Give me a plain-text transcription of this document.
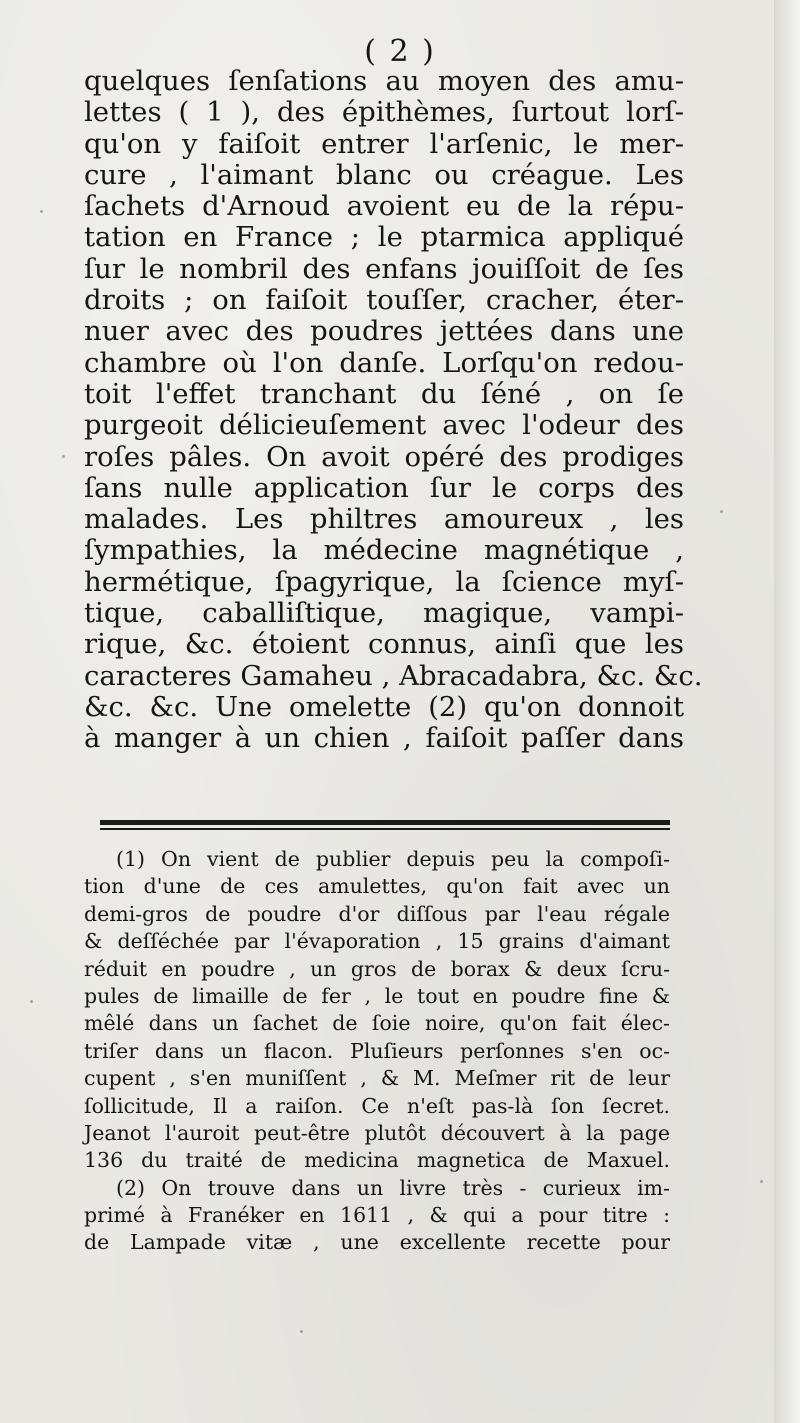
( 2 )
quelques ſenſations au moyen des amu-
lettes ( 1 ), des épithèmes, ſurtout lorſ-
qu'on y faiſoit entrer l'arſenic, le mer-
cure , l'aimant blanc ou créague. Les
ſachets d'Arnoud avoient eu de la répu-
tation en France ; le ptarmica appliqué
ſur le nombril des enfans jouiſſoit de ſes
droits ; on faiſoit touſſer, cracher, éter-
nuer avec des poudres jettées dans une
chambre où l'on danſe. Lorſqu'on redou-
toit l'effet tranchant du ſéné , on ſe
purgeoit délicieuſement avec l'odeur des
roſes pâles. On avoit opéré des prodiges
ſans nulle application ſur le corps des
malades. Les philtres amoureux , les
ſympathies, la médecine magnétique ,
hermétique, ſpagyrique, la ſcience myſ-
tique, caballiſtique, magique, vampi-
rique, &c. étoient connus, ainſi que les
caracteres Gamaheu , Abracadabra, &c. &c.
&c. &c. Une omelette (2) qu'on donnoit
à manger à un chien , faiſoit paſſer dans
(1) On vient de publier depuis peu la compoſi-
tion d'une de ces amulettes, qu'on fait avec un
demi-gros de poudre d'or diſſous par l'eau régale
& deſſéchée par l'évaporation , 15 grains d'aimant
réduit en poudre , un gros de borax & deux ſcru-
pules de limaille de fer , le tout en poudre fine &
mêlé dans un ſachet de ſoie noire, qu'on fait élec-
triſer dans un flacon. Pluſieurs perſonnes s'en oc-
cupent , s'en muniſſent , & M. Meſmer rit de leur
ſollicitude, Il a raiſon. Ce n'eſt pas-là ſon ſecret.
Jeanot l'auroit peut-être plutôt découvert à la page
136 du traité de medicina magnetica de Maxuel.
(2) On trouve dans un livre très - curieux im-
primé à Franéker en 1611 , & qui a pour titre :
de Lampade vitæ , une excellente recette pour
